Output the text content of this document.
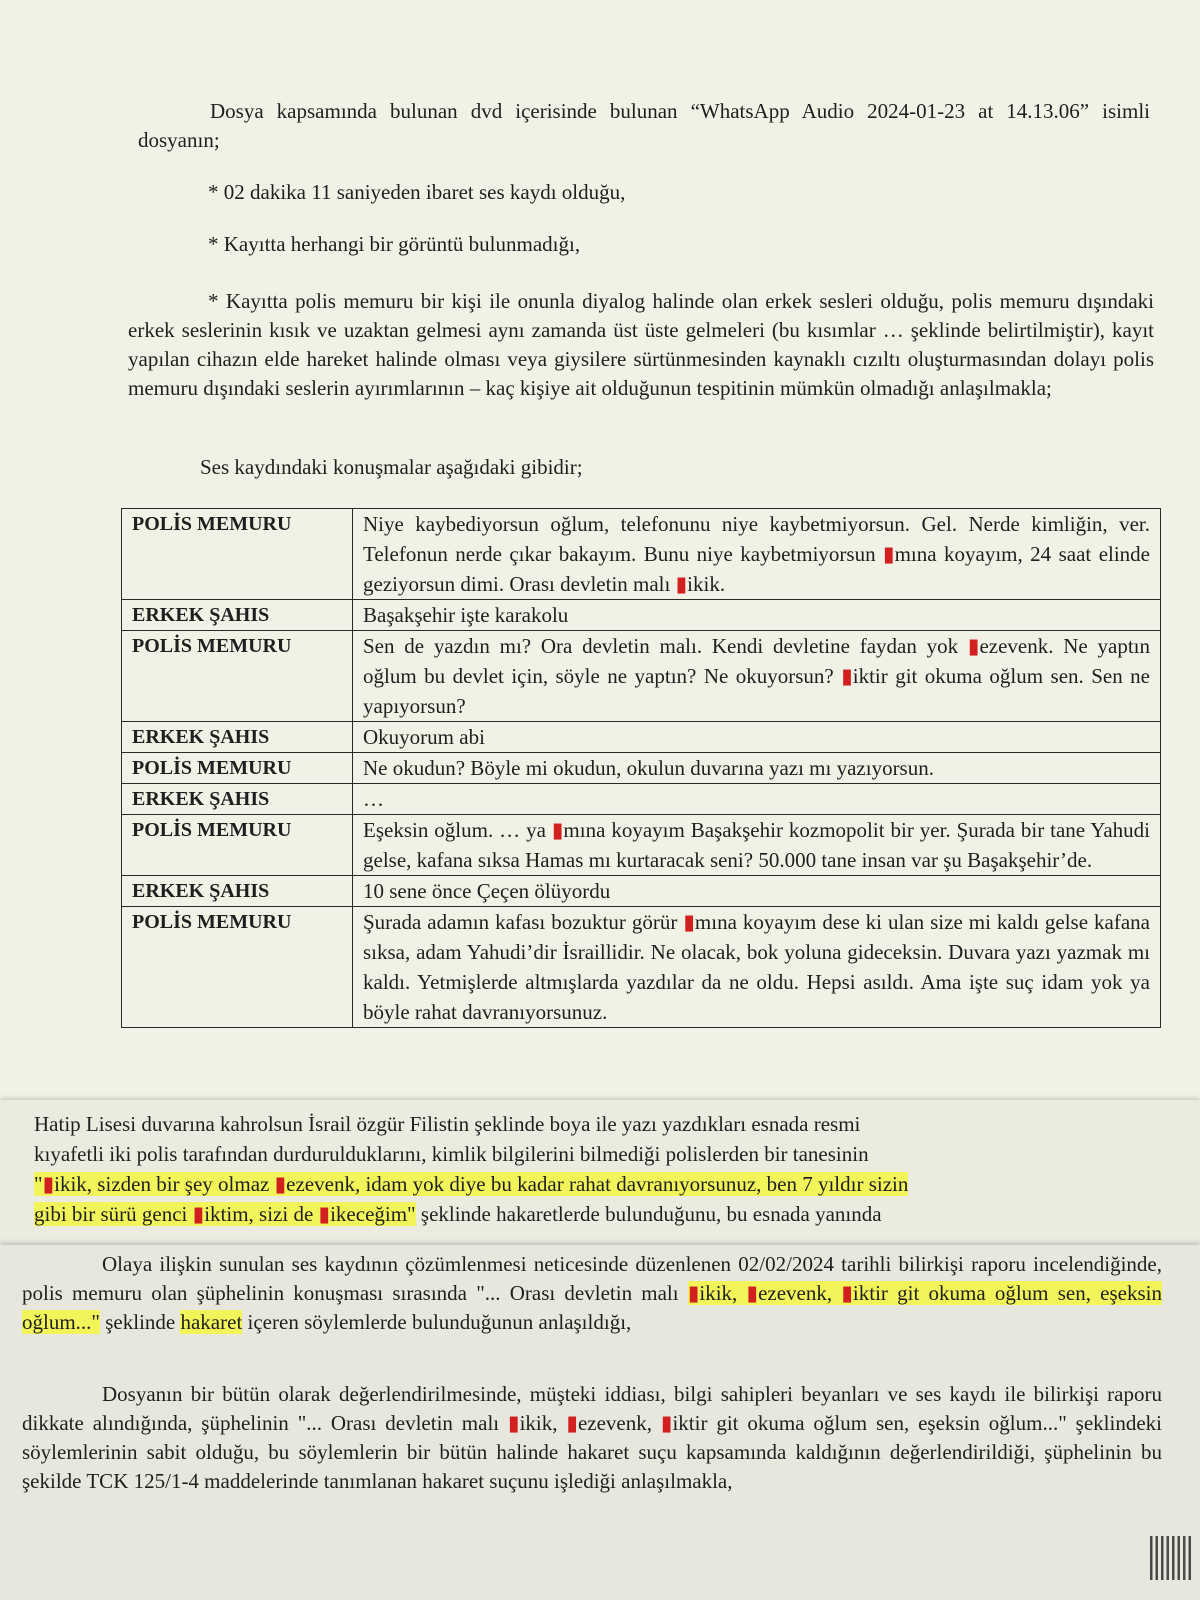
Dosya kapsamında bulunan dvd içerisinde bulunan “WhatsApp Audio 2024-01-23 at 14.13.06” isimli dosyanın;

* 02 dakika 11 saniyeden ibaret ses kaydı olduğu,

* Kayıtta herhangi bir görüntü bulunmadığı,

* Kayıtta polis memuru bir kişi ile onunla diyalog halinde olan erkek sesleri olduğu, polis memuru dışındaki erkek seslerinin kısık ve uzaktan gelmesi aynı zamanda üst üste gelmeleri (bu kısımlar … şeklinde belirtilmiştir), kayıt yapılan cihazın elde hareket halinde olması veya giysilere sürtünmesinden kaynaklı cızıltı oluşturmasından dolayı polis memuru dışındaki seslerin ayırımlarının – kaç kişiye ait olduğunun tespitinin mümkün olmadığı anlaşılmakla;

Ses kaydındaki konuşmalar aşağıdaki gibidir;

POLİS MEMURU	Niye kaybediyorsun oğlum, telefonunu niye kaybetmiyorsun. Gel. Nerde kimliğin, ver. Telefonun nerde çıkar bakayım. Bunu niye kaybetmiyorsun ▮mına koyayım, 24 saat elinde geziyorsun dimi. Orası devletin malı ▮ikik.
ERKEK ŞAHIS	Başakşehir işte karakolu
POLİS MEMURU	Sen de yazdın mı? Ora devletin malı. Kendi devletine faydan yok ▮ezevenk. Ne yaptın oğlum bu devlet için, söyle ne yaptın? Ne okuyorsun? ▮iktir git okuma oğlum sen. Sen ne yapıyorsun?
ERKEK ŞAHIS	Okuyorum abi
POLİS MEMURU	Ne okudun? Böyle mi okudun, okulun duvarına yazı mı yazıyorsun.
ERKEK ŞAHIS	…
POLİS MEMURU	Eşeksin oğlum. … ya ▮mına koyayım Başakşehir kozmopolit bir yer. Şurada bir tane Yahudi gelse, kafana sıksa Hamas mı kurtaracak seni? 50.000 tane insan var şu Başakşehir’de.
ERKEK ŞAHIS	10 sene önce Çeçen ölüyordu
POLİS MEMURU	Şurada adamın kafası bozuktur görür ▮mına koyayım dese ki ulan size mi kaldı gelse kafana sıksa, adam Yahudi’dir İsraillidir. Ne olacak, bok yoluna gideceksin. Duvara yazı yazmak mı kaldı. Yetmişlerde altmışlarda yazdılar da ne oldu. Hepsi asıldı. Ama işte suç idam yok ya böyle rahat davranıyorsunuz.

Hatip Lisesi duvarına kahrolsun İsrail özgür Filistin şeklinde boya ile yazı yazdıkları esnada resmi

kıyafetli iki polis tarafından durdurulduklarını, kimlik bilgilerini bilmediği polislerden bir tanesinin

"▮ikik, sizden bir şey olmaz ▮ezevenk, idam yok diye bu kadar rahat davranıyorsunuz, ben 7 yıldır sizin

gibi bir sürü genci ▮iktim, sizi de ▮ikeceğim" şeklinde hakaretlerde bulunduğunu, bu esnada yanında

Olaya ilişkin sunulan ses kaydının çözümlenmesi neticesinde düzenlenen 02/02/2024 tarihli bilirkişi raporu incelendiğinde, polis memuru olan şüphelinin konuşması sırasında "... Orası devletin malı ▮ikik, ▮ezevenk, ▮iktir git okuma oğlum sen, eşeksin oğlum..." şeklinde hakaret içeren söylemlerde bulunduğunun anlaşıldığı,

Dosyanın bir bütün olarak değerlendirilmesinde, müşteki iddiası, bilgi sahipleri beyanları ve ses kaydı ile bilirkişi raporu dikkate alındığında, şüphelinin "... Orası devletin malı ▮ikik, ▮ezevenk, ▮iktir git okuma oğlum sen, eşeksin oğlum..." şeklindeki söylemlerinin sabit olduğu, bu söylemlerin bir bütün halinde hakaret suçu kapsamında kaldığının değerlendirildiği, şüphelinin bu şekilde TCK 125/1-4 maddelerinde tanımlanan hakaret suçunu işlediği anlaşılmakla,
